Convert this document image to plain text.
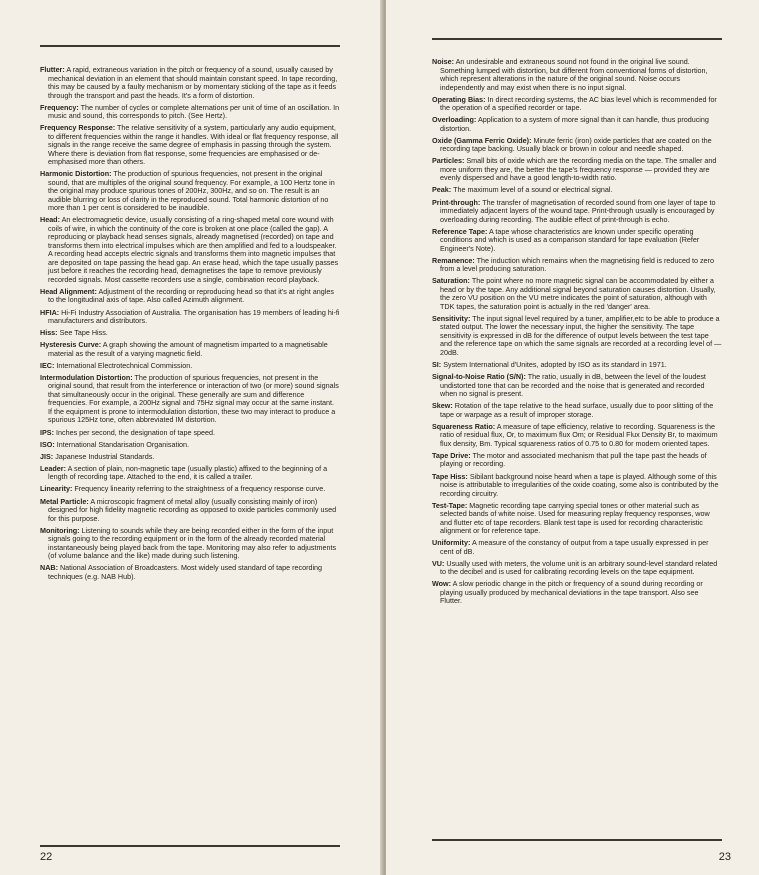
Flutter: A rapid, extraneous variation in the pitch or frequency of a sound, usually caused by mechanical deviation in an element that should maintain constant speed. In tape recording, this may be caused by a faulty mechanism or by momentary sticking of the tape as it feeds through the transport and past the heads. It's a form of distortion.

Frequency: The number of cycles or complete alternations per unit of time of an oscillation. In music and sound, this corresponds to pitch. (See Hertz).

Frequency Response: The relative sensitivity of a system, particularly any audio equipment, to different frequencies within the range it handles. With ideal or flat frequency response, all signals in the range receive the same degree of emphasis in passing through the system. Where there is deviation from flat response, some frequencies are emphasised or de-emphasised more than others.

Harmonic Distortion: The production of spurious frequencies, not present in the original sound, that are multiples of the original sound frequency. For example, a 100 Hertz tone in the original may produce spurious tones of 200Hz, 300Hz, and so on. The result is an audible blurring or loss of clarity in the reproduced sound. Total harmonic distortion of no more than 1 per cent is considered to be inaudible.

Head: An electromagnetic device, usually consisting of a ring-shaped metal core wound with coils of wire, in which the continuity of the core is broken at one place (called the gap). A reproducing or playback head senses signals, already magnetised (recorded) on tape and transforms them into electrical impulses which are then amplified and fed to a loudspeaker. A recording head accepts electric signals and transforms them into magnetic impulses that are deposited on tape passing the head gap. An erase head, which the tape usually passes just before it reaches the recording head, demagnetises the tape to remove previously recorded signals. Most cassette recorders use a single, combination record playback.

Head Alignment: Adjustment of the recording or reproducing head so that it's at right angles to the longitudinal axis of tape. Also called Azimuth alignment.

HFIA: Hi-Fi Industry Association of Australia. The organisation has 19 members of leading hi-fi manufacturers and distributors.

Hiss: See Tape Hiss.

Hysteresis Curve: A graph showing the amount of magnetism imparted to a magnetisable material as the result of a varying magnetic field.

IEC: International Electrotechnical Commission.

Intermodulation Distortion: The production of spurious frequencies, not present in the original sound, that result from the interference or interaction of two (or more) sound signals that simultaneously occur in the original. These generally are sum and difference frequencies. For example, a 200Hz signal and 75Hz signal may occur at the same instant. If the equipment is prone to intermodulation distortion, these two may interact to produce a spurious 125Hz tone, often abbreviated IM distortion.

IPS: Inches per second, the designation of tape speed.

ISO: International Standarisation Organisation.

JIS: Japanese Industrial Standards.

Leader: A section of plain, non-magnetic tape (usually plastic) affixed to the beginning of a length of recording tape. Attached to the end, it is called a trailer.

Linearity: Frequency linearity referring to the straightness of a frequency response curve.

Metal Particle: A microscopic fragment of metal alloy (usually consisting mainly of iron) designed for high fidelity magnetic recording as opposed to oxide particles commonly used for this purpose.

Monitoring: Listening to sounds while they are being recorded either in the form of the input signals going to the recording equipment or in the form of the already recorded material instantaneously being played back from the tape. Monitoring may also refer to adjustments (of volume balance and the like) made during such listening.

NAB: National Association of Broadcasters. Most widely used standard of tape recording techniques (e.g. NAB Hub).

22

Noise: An undesirable and extraneous sound not found in the original live sound. Something lumped with distortion, but different from conventional forms of distortion, which represent alterations in the nature of the original sound. Noise occurs independently and may exist when there is no input signal.

Operating Bias: In direct recording systems, the AC bias level which is recommended for the operation of a specified recorder or tape.

Overloading: Application to a system of more signal than it can handle, thus producing distortion.

Oxide (Gamma Ferric Oxide): Minute ferric (iron) oxide particles that are coated on the recording tape backing. Usually black or brown in colour and needle shaped.

Particles: Small bits of oxide which are the recording media on the tape. The smaller and more uniform they are, the better the tape's frequency response — provided they are evenly dispersed and have a good length-to-width ratio.

Peak: The maximum level of a sound or electrical signal.

Print-through: The transfer of magnetisation of recorded sound from one layer of tape to immediately adjacent layers of the wound tape. Print-through usually is encouraged by overloading during recording. The audible effect of print-through is echo.

Reference Tape: A tape whose characteristics are known under specific operating conditions and which is used as a comparison standard for tape evaluation (Refer Engineer's Note).

Remanence: The induction which remains when the magnetising field is reduced to zero from a level producing saturation.

Saturation: The point where no more magnetic signal can be accommodated by either a head or by the tape. Any additional signal beyond saturation causes distortion. Usually, the zero VU position on the VU metre indicates the point of saturation, although with TDK tapes, the saturation point is actually in the red 'danger' area.

Sensitivity: The input signal level required by a tuner, amplifier,etc to be able to produce a stated output. The lower the necessary input, the higher the sensitivity. The tape sensitivity is expressed in dB for the difference of output levels between the test tape and the reference tape on which the same signals are recorded at a recording level of — 20dB.

SI: System International d'Unites, adopted by ISO as its standard in 1971.

Signal-to-Noise Ratio (S/N): The ratio, usually in dB, between the level of the loudest undistorted tone that can be recorded and the noise that is generated and recorded when no signal is present.

Skew: Rotation of the tape relative to the head surface, usually due to poor slitting of the tape or warpage as a result of improper storage.

Squareness Ratio: A measure of tape efficiency, relative to recording. Squareness is the ratio of residual flux, Or, to maximum flux Om; or Residual Flux Density Br, to maximum flux density, Bm. Typical squareness ratios of 0.75 to 0.80 for modern oriented tapes.

Tape Drive: The motor and associated mechanism that pull the tape past the heads of playing or recording.

Tape Hiss: Sibilant background noise heard when a tape is played. Although some of this noise is attributable to irregularities of the oxide coating, some also is contributed by the recording circuitry.

Test-Tape: Magnetic recording tape carrying special tones or other material such as selected bands of white noise. Used for measuring replay frequency responses, wow and flutter etc of tape recorders. Blank test tape is used for recording characteristic alignment or for reference tape.

Uniformity: A measure of the constancy of output from a tape usually expressed in per cent of dB.

VU: Usually used with meters, the volume unit is an arbitrary sound-level standard related to the decibel and is used for calibrating recording levels on the tape equipment.

Wow: A slow periodic change in the pitch or frequency of a sound during recording or playing usually produced by mechanical deviations in the tape transport. Also see Flutter.

23
